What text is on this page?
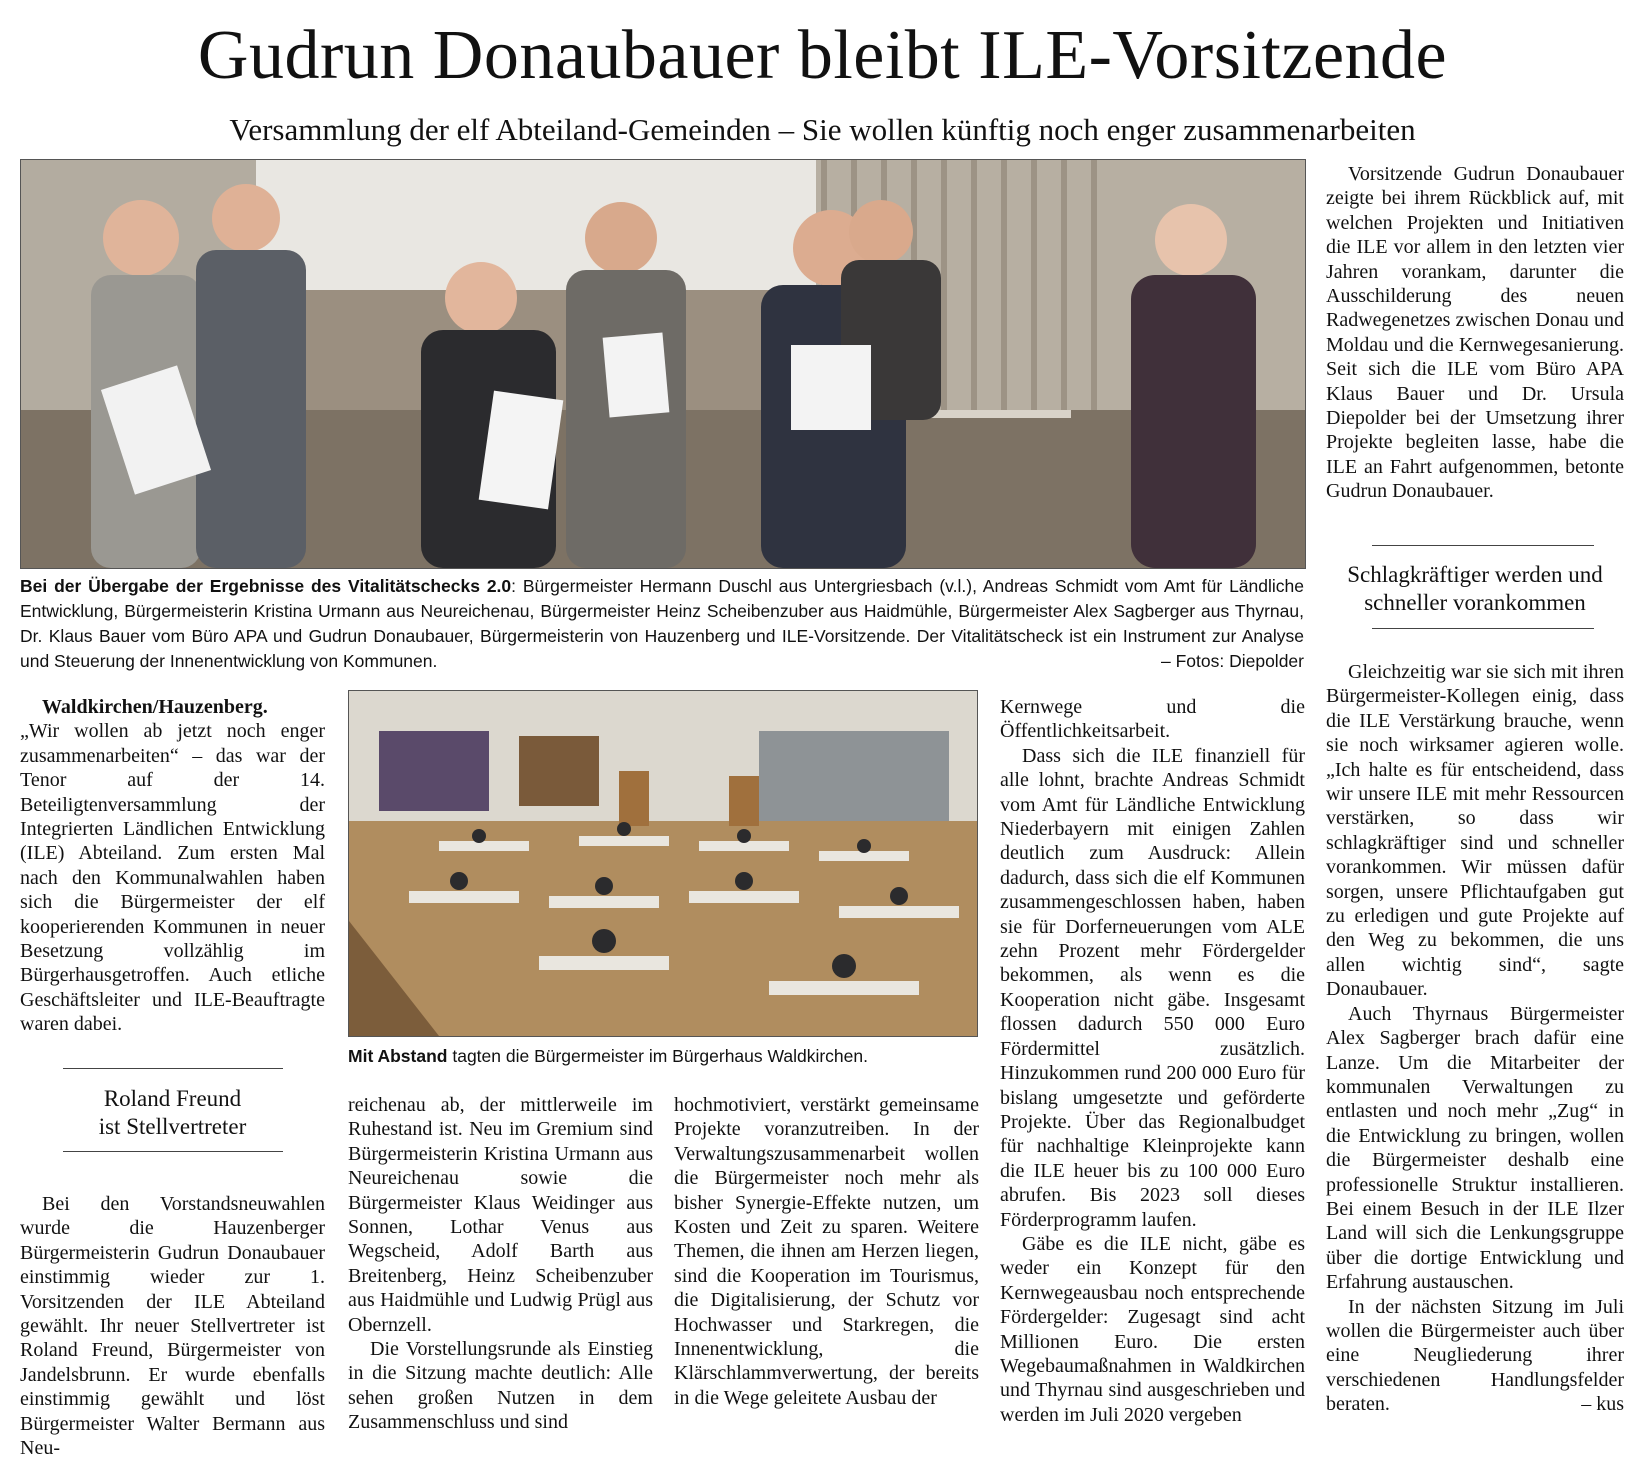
Gudrun Donaubauer bleibt ILE-Vorsitzende
Versammlung der elf Abteiland-Gemeinden – Sie wollen künftig noch enger zusammenarbeiten
Bei der Übergabe der Ergebnisse des Vitalitätschecks 2.0: Bürgermeister Hermann Duschl aus Untergriesbach (v.l.), Andreas Schmidt vom Amt für Ländliche Entwicklung, Bürgermeisterin Kristina Urmann aus Neureichenau, Bürgermeister Heinz Scheibenzuber aus Haidmühle, Bürgermeister Alex Sagberger aus Thyrnau, Dr. Klaus Bauer vom Büro APA und Gudrun Donaubauer, Bürgermeisterin von Hauzenberg und ILE-Vorsitzende. Der Vitalitätscheck ist ein Instrument zur Analyse und Steuerung der Innenentwicklung von Kommunen.	– Fotos: Diepolder

Vorsitzende Gudrun Donaubauer zeigte bei ihrem Rückblick auf, mit welchen Projekten und Initiativen die ILE vor allem in den letzten vier Jahren vorankam, darunter die Ausschilderung des neuen Radwegenetzes zwischen Donau und Moldau und die Kernwegesanierung. Seit sich die ILE vom Büro APA Klaus Bauer und Dr. Ursula Diepolder bei der Umsetzung ihrer Projekte begleiten lasse, habe die ILE an Fahrt aufgenommen, betonte Gudrun Donaubauer.

Schlagkräftiger werden und
schneller vorankommen

Gleichzeitig war sie sich mit ihren Bürgermeister-Kollegen einig, dass die ILE Verstärkung brauche, wenn sie noch wirksamer agieren wolle. „Ich halte es für entscheidend, dass wir unsere ILE mit mehr Ressourcen verstärken, so dass wir schlagkräftiger sind und schneller vorankommen. Wir müssen dafür sorgen, unsere Pflichtaufgaben gut zu erledigen und gute Projekte auf den Weg zu bekommen, die uns allen wichtig sind“, sagte Donaubauer.

Auch Thyrnaus Bürgermeister Alex Sagberger brach dafür eine Lanze. Um die Mitarbeiter der kommunalen Verwaltungen zu entlasten und noch mehr „Zug“ in die Entwicklung zu bringen, wollen die Bürgermeister deshalb eine professionelle Struktur installieren. Bei einem Besuch in der ILE Ilzer Land will sich die Lenkungsgruppe über die dortige Entwicklung und Erfahrung austauschen.

In der nächsten Sitzung im Juli wollen die Bürgermeister auch über eine Neugliederung ihrer verschiedenen Handlungsfelder beraten.	– kus

Waldkirchen/Hauzenberg.

„Wir wollen ab jetzt noch enger zusammenarbeiten“ – das war der Tenor auf der 14. Beteiligtenversammlung der Integrierten Ländlichen Entwicklung (ILE) Abteiland. Zum ersten Mal nach den Kommunalwahlen haben sich die Bürgermeister der elf kooperierenden Kommunen in neuer Besetzung vollzählig im Bürgerhausgetroffen. Auch etliche Geschäftsleiter und ILE-Beauftragte waren dabei.

Roland Freund
ist Stellvertreter

Bei den Vorstandsneuwahlen wurde die Hauzenberger Bürgermeisterin Gudrun Donaubauer einstimmig wieder zur 1. Vorsitzenden der ILE Abteiland gewählt. Ihr neuer Stellvertreter ist Roland Freund, Bürgermeister von Jandelsbrunn. Er wurde ebenfalls einstimmig gewählt und löst Bürgermeister Walter Bermann aus Neu-

Mit Abstand tagten die Bürgermeister im Bürgerhaus Waldkirchen.

reichenau ab, der mittlerweile im Ruhestand ist. Neu im Gremium sind Bürgermeisterin Kristina Urmann aus Neureichenau sowie die Bürgermeister Klaus Weidinger aus Sonnen, Lothar Venus aus Wegscheid, Adolf Barth aus Breitenberg, Heinz Scheibenzuber aus Haidmühle und Ludwig Prügl aus Obernzell.

Die Vorstellungsrunde als Einstieg in die Sitzung machte deutlich: Alle sehen großen Nutzen in dem Zusammenschluss und sind

hochmotiviert, verstärkt gemeinsame Projekte voranzutreiben. In der Verwaltungszusammenarbeit wollen die Bürgermeister noch mehr als bisher Synergie-Effekte nutzen, um Kosten und Zeit zu sparen. Weitere Themen, die ihnen am Herzen liegen, sind die Kooperation im Tourismus, die Digitalisierung, der Schutz vor Hochwasser und Starkregen, die Innenentwicklung, die Klärschlammverwertung, der bereits in die Wege geleitete Ausbau der

Kernwege und die Öffentlichkeitsarbeit.

Dass sich die ILE finanziell für alle lohnt, brachte Andreas Schmidt vom Amt für Ländliche Entwicklung Niederbayern mit einigen Zahlen deutlich zum Ausdruck: Allein dadurch, dass sich die elf Kommunen zusammengeschlossen haben, haben sie für Dorferneuerungen vom ALE zehn Prozent mehr Fördergelder bekommen, als wenn es die Kooperation nicht gäbe. Insgesamt flossen dadurch 550 000 Euro Fördermittel zusätzlich. Hinzukommen rund 200 000 Euro für bislang umgesetzte und geförderte Projekte. Über das Regionalbudget für nachhaltige Kleinprojekte kann die ILE heuer bis zu 100 000 Euro abrufen. Bis 2023 soll dieses Förderprogramm laufen.

Gäbe es die ILE nicht, gäbe es weder ein Konzept für den Kernwegeausbau noch entsprechende Fördergelder: Zugesagt sind acht Millionen Euro. Die ersten Wegebaumaßnahmen in Waldkirchen und Thyrnau sind ausgeschrieben und werden im Juli 2020 vergeben
